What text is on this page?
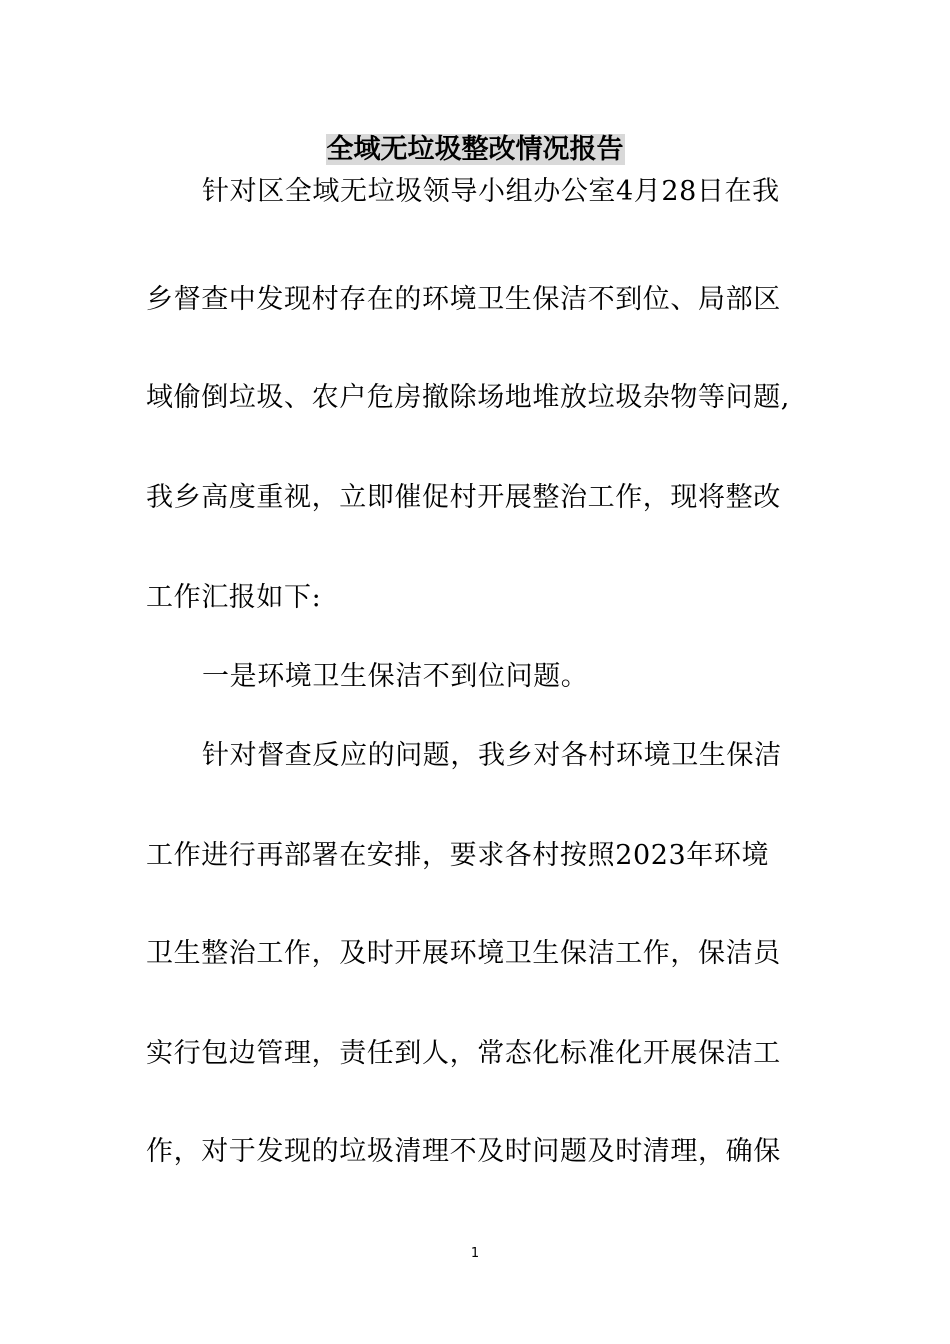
全域无垃圾整改情况报告

针对区全域无垃圾领导小组办公室4月28日在我

乡督查中发现村存在的环境卫生保洁不到位、局部区

域偷倒垃圾、农户危房撤除场地堆放垃圾杂物等问题,

我乡高度重视，立即催促村开展整治工作，现将整改

工作汇报如下:

一是环境卫生保洁不到位问题。

针对督查反应的问题，我乡对各村环境卫生保洁

工作进行再部署在安排，要求各村按照2023年环境

卫生整治工作，及时开展环境卫生保洁工作，保洁员

实行包边管理，责任到人，常态化标准化开展保洁工

作，对于发现的垃圾清理不及时问题及时清理，确保

1
